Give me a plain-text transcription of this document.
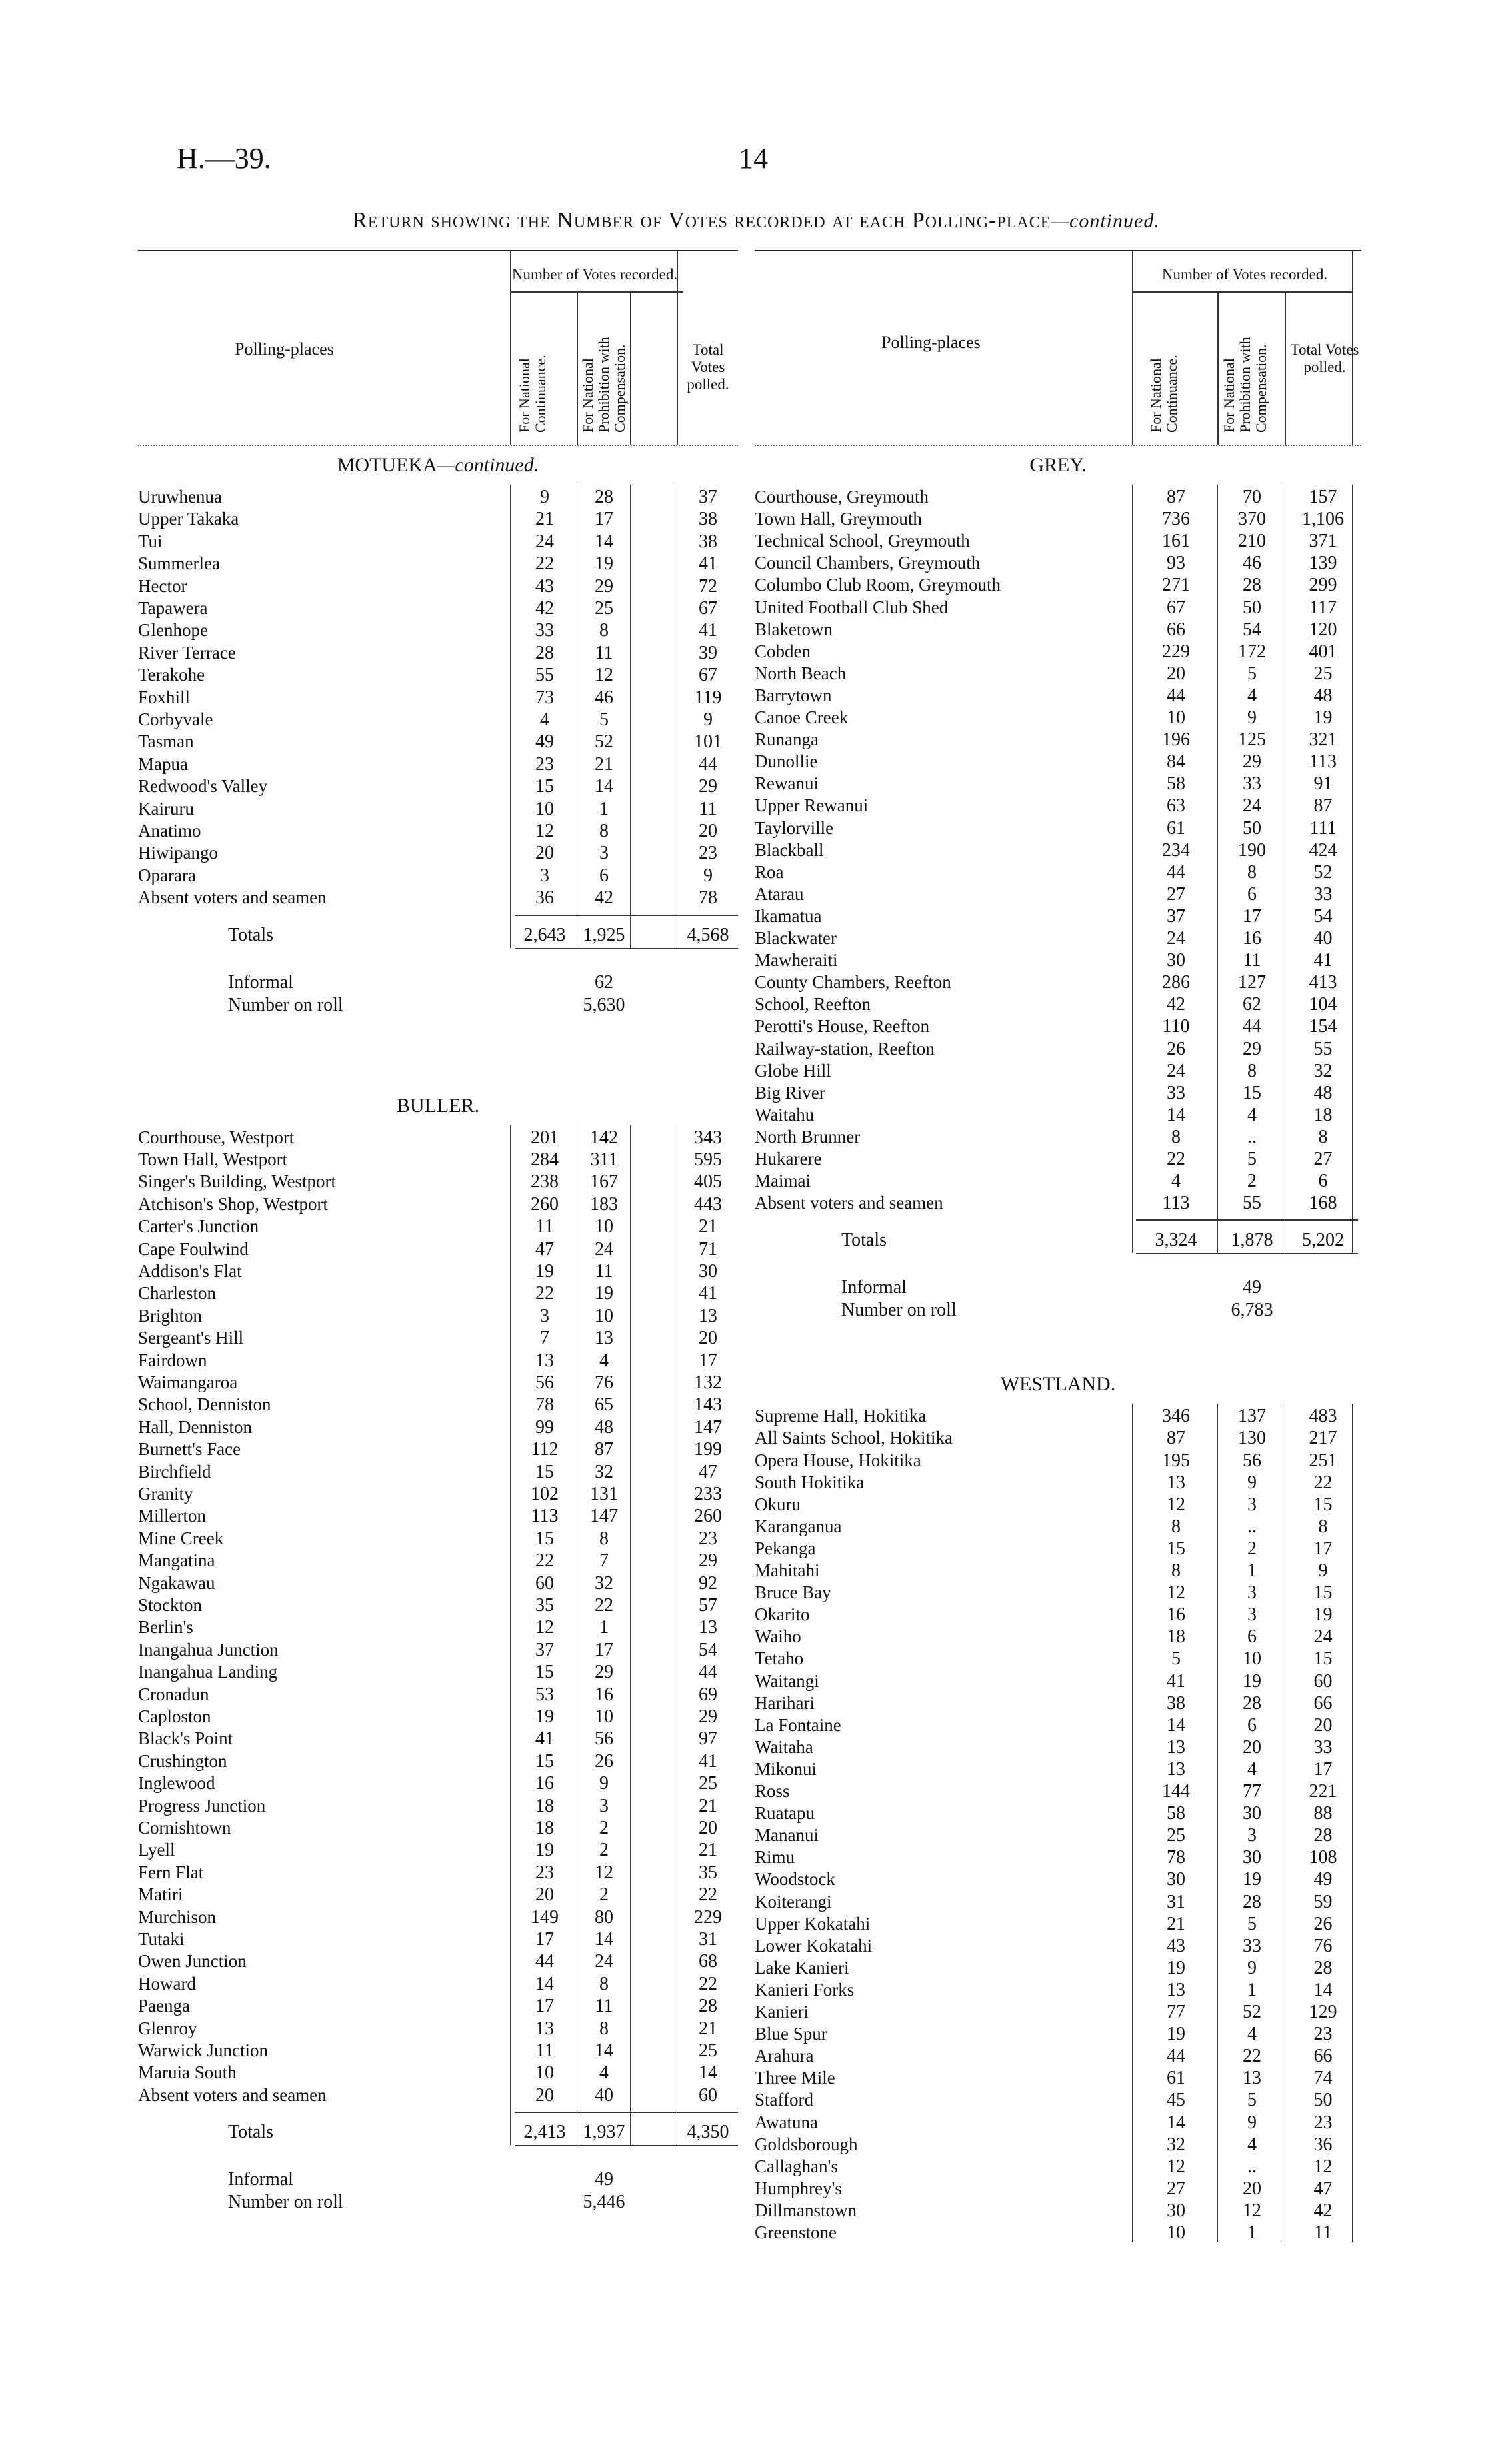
H.—39.	14
Return showing the Number of Votes recorded at each Polling-place—continued.
Polling-places
Number of Votes recorded.
For National Continuance.	For National Prohibition with Compensation.	Total Votes polled.
MOTUEKA—continued.
Uruwhenua	9	28	37
Upper Takaka	21	17	38
Tui	24	14	38
Summerlea	22	19	41
Hector	43	29	72
Tapawera	42	25	67
Glenhope	33	8	41
River Terrace	28	11	39
Terakohe	55	12	67
Foxhill	73	46	119
Corbyvale	4	5	9
Tasman	49	52	101
Mapua	23	21	44
Redwood's Valley	15	14	29
Kairuru	10	1	11
Anatimo	12	8	20
Hiwipango	20	3	23
Oparara	3	6	9
Absent voters and seamen	36	42	78
Totals	2,643 1,925	4,568
Informal	62
Number on roll	5,630
BULLER.
Courthouse, Westport	201	142	343
Town Hall, Westport	284	311	595
Singer's Building, Westport	238	167	405
Atchison's Shop, Westport	260	183	443
Carter's Junction	11	10	21
Cape Foulwind	47	24	71
Addison's Flat	19	11	30
Charleston	22	19	41
Brighton	3	10	13
Sergeant's Hill	7	13	20
Fairdown	13	4	17
Waimangaroa	56	76	132
School, Denniston	78	65	143
Hall, Denniston	99	48	147
Burnett's Face	112	87	199
Birchfield	15	32	47
Granity	102	131	233
Millerton	113	147	260
Mine Creek	15	8	23
Mangatina	22	7	29
Ngakawau	60	32	92
Stockton	35	22	57
Berlin's	12	1	13
Inangahua Junction	37	17	54
Inangahua Landing	15	29	44
Cronadun	53	16	69
Caploston	19	10	29
Black's Point	41	56	97
Crushington	15	26	41
Inglewood	16	9	25
Progress Junction	18	3	21
Cornishtown	18	2	20
Lyell	19	2	21
Fern Flat	23	12	35
Matiri	20	2	22
Murchison	149	80	229
Tutaki	17	14	31
Owen Junction	44	24	68
Howard	14	8	22
Paenga	17	11	28
Glenroy	13	8	21
Warwick Junction	11	14	25
Maruia South	10	4	14
Absent voters and seamen	20	40	60
Totals	2,413 1,937	4,350
Informal	49
Number on roll	5,446
Polling-places
Number of Votes recorded.
For National Continuance.	For National Prohibition with Compensation.	Total Votes polled.
GREY.
Courthouse, Greymouth	87	70	157
Town Hall, Greymouth	736	370	1,106
Technical School, Greymouth	161	210	371
Council Chambers, Greymouth	93	46	139
Columbo Club Room, Greymouth	271	28	299
United Football Club Shed	67	50	117
Blaketown	66	54	120
Cobden	229	172	401
North Beach	20	5	25
Barrytown	44	4	48
Canoe Creek	10	9	19
Runanga	196	125	321
Dunollie	84	29	113
Rewanui	58	33	91
Upper Rewanui	63	24	87
Taylorville	61	50	111
Blackball	234	190	424
Roa	44	8	52
Atarau	27	6	33
Ikamatua	37	17	54
Blackwater	24	16	40
Mawheraiti	30	11	41
County Chambers, Reefton	286	127	413
School, Reefton	42	62	104
Perotti's House, Reefton	110	44	154
Railway-station, Reefton	26	29	55
Globe Hill	24	8	32
Big River	33	15	48
Waitahu	14	4	18
North Brunner	8	..	8
Hukarere	22	5	27
Maimai	4	2	6
Absent voters and seamen	113	55	168
Totals	3,324	1,878	5,202
Informal	49
Number on roll	6,783
WESTLAND.
Supreme Hall, Hokitika	346	137	483
All Saints School, Hokitika	87	130	217
Opera House, Hokitika	195	56	251
South Hokitika	13	9	22
Okuru	12	3	15
Karanganua	8	..	8
Pekanga	15	2	17
Mahitahi	8	1	9
Bruce Bay	12	3	15
Okarito	16	3	19
Waiho	18	6	24
Tetaho	5	10	15
Waitangi	41	19	60
Harihari	38	28	66
La Fontaine	14	6	20
Waitaha	13	20	33
Mikonui	13	4	17
Ross	144	77	221
Ruatapu	58	30	88
Mananui	25	3	28
Rimu	78	30	108
Woodstock	30	19	49
Koiterangi	31	28	59
Upper Kokatahi	21	5	26
Lower Kokatahi	43	33	76
Lake Kanieri	19	9	28
Kanieri Forks	13	1	14
Kanieri	77	52	129
Blue Spur	19	4	23
Arahura	44	22	66
Three Mile	61	13	74
Stafford	45	5	50
Awatuna	14	9	23
Goldsborough	32	4	36
Callaghan's	12	..	12
Humphrey's	27	20	47
Dillmanstown	30	12	42
Greenstone	10	1	11
